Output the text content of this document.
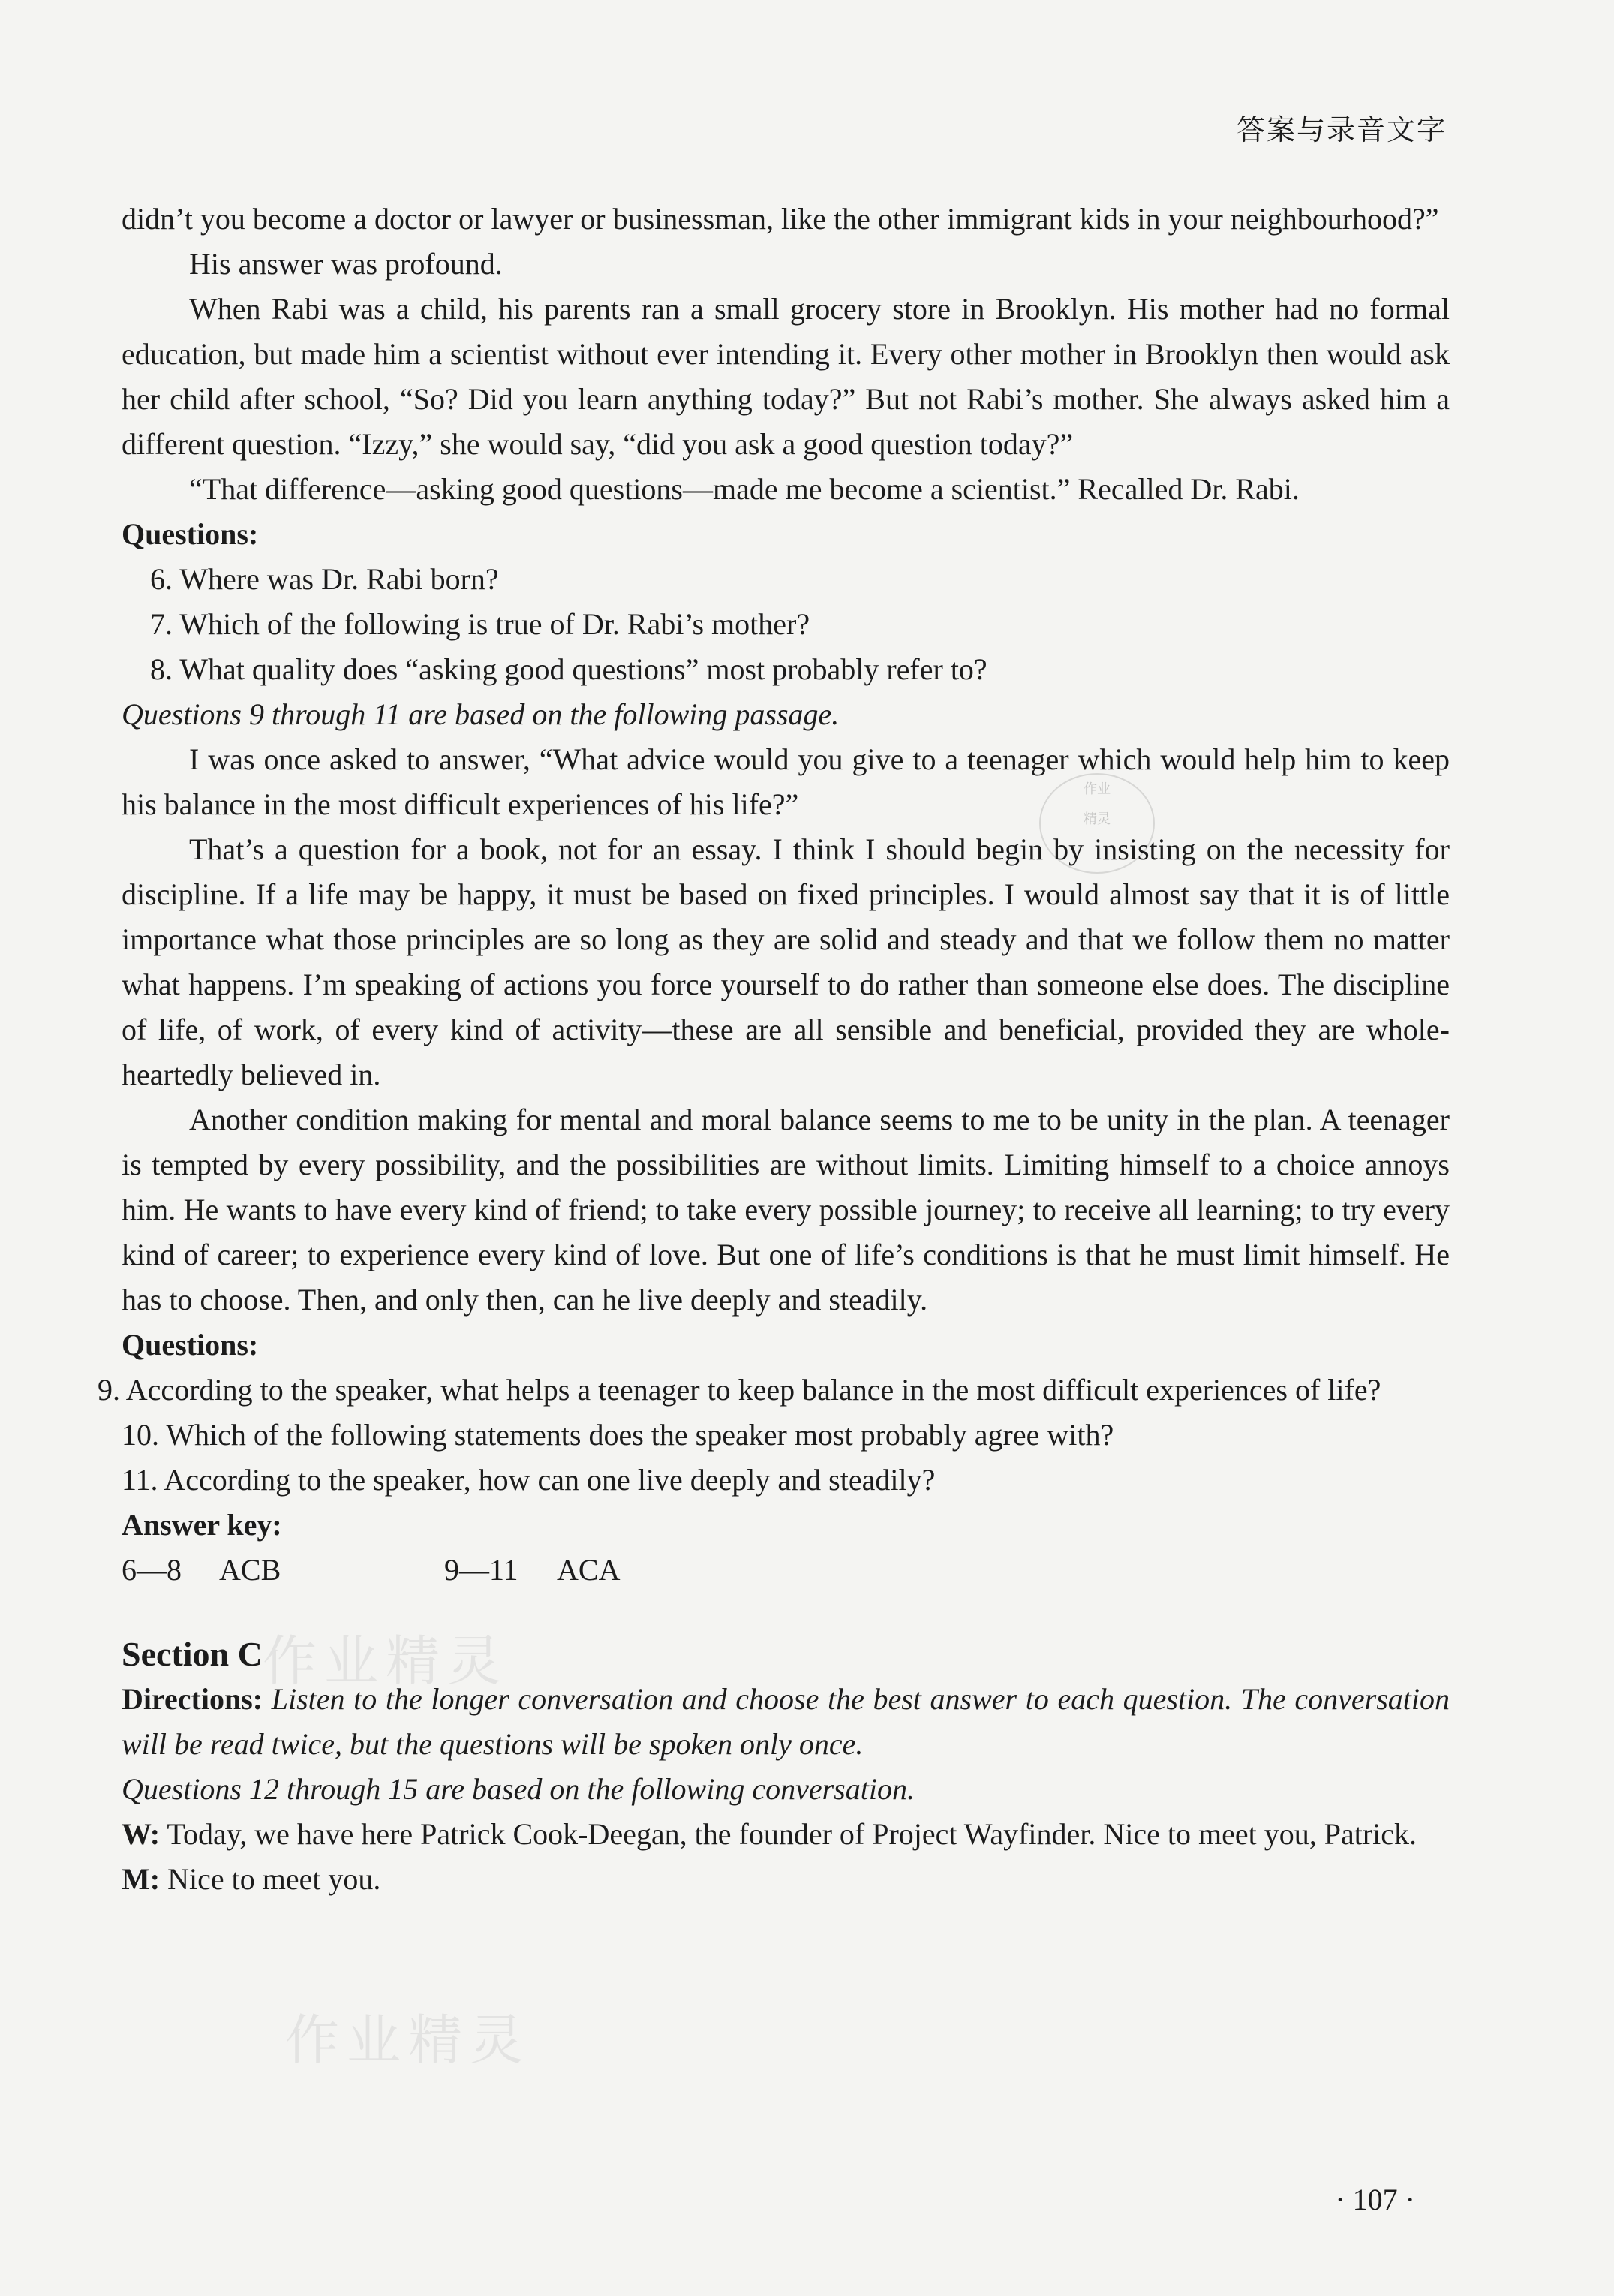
答案与录音文字
作业
精灵
作业精灵
作业精灵

didn’t you become a doctor or lawyer or businessman, like the other immigrant kids in your neighbourhood?”

His answer was profound.

When Rabi was a child, his parents ran a small grocery store in Brooklyn. His mother had no formal education, but made him a scientist without ever intending it. Every other mother in Brooklyn then would ask her child after school, “So? Did you learn anything today?” But not Rabi’s mother. She always asked him a different question. “Izzy,” she would say, “did you ask a good question today?”

“That difference—asking good questions—made me become a scientist.” Recalled Dr. Rabi.

Questions:

6. Where was Dr. Rabi born?

7. Which of the following is true of Dr. Rabi’s mother?

8. What quality does “asking good questions” most probably refer to?

Questions 9 through 11 are based on the following passage.

I was once asked to answer, “What advice would you give to a teenager which would help him to keep his balance in the most difficult experiences of his life?”

That’s a question for a book, not for an essay. I think I should begin by insisting on the necessity for discipline. If a life may be happy, it must be based on fixed principles. I would almost say that it is of little importance what those principles are so long as they are solid and steady and that we follow them no matter what happens. I’m speaking of actions you force yourself to do rather than someone else does. The discipline of life, of work, of every kind of activity—these are all sensible and beneficial, provided they are whole-heartedly believed in.

Another condition making for mental and moral balance seems to me to be unity in the plan. A teenager is tempted by every possibility, and the possibilities are without limits. Limiting himself to a choice annoys him. He wants to have every kind of friend; to take every possible journey; to receive all learning; to try every kind of career; to experience every kind of love. But one of life’s conditions is that he must limit himself. He has to choose. Then, and only then, can he live deeply and steadily.

Questions:

9. According to the speaker, what helps a teenager to keep balance in the most difficult experiences of life?

10. Which of the following statements does the speaker most probably agree with?

11. According to the speaker, how can one live deeply and steadily?

Answer key:

6—8	ACB	9—11	ACA

Section C

Directions: Listen to the longer conversation and choose the best answer to each question. The conversation will be read twice, but the questions will be spoken only once.

Questions 12 through 15 are based on the following conversation.

W: Today, we have here Patrick Cook-Deegan, the founder of Project Wayfinder. Nice to meet you, Patrick.

M: Nice to meet you.

· 107 ·
